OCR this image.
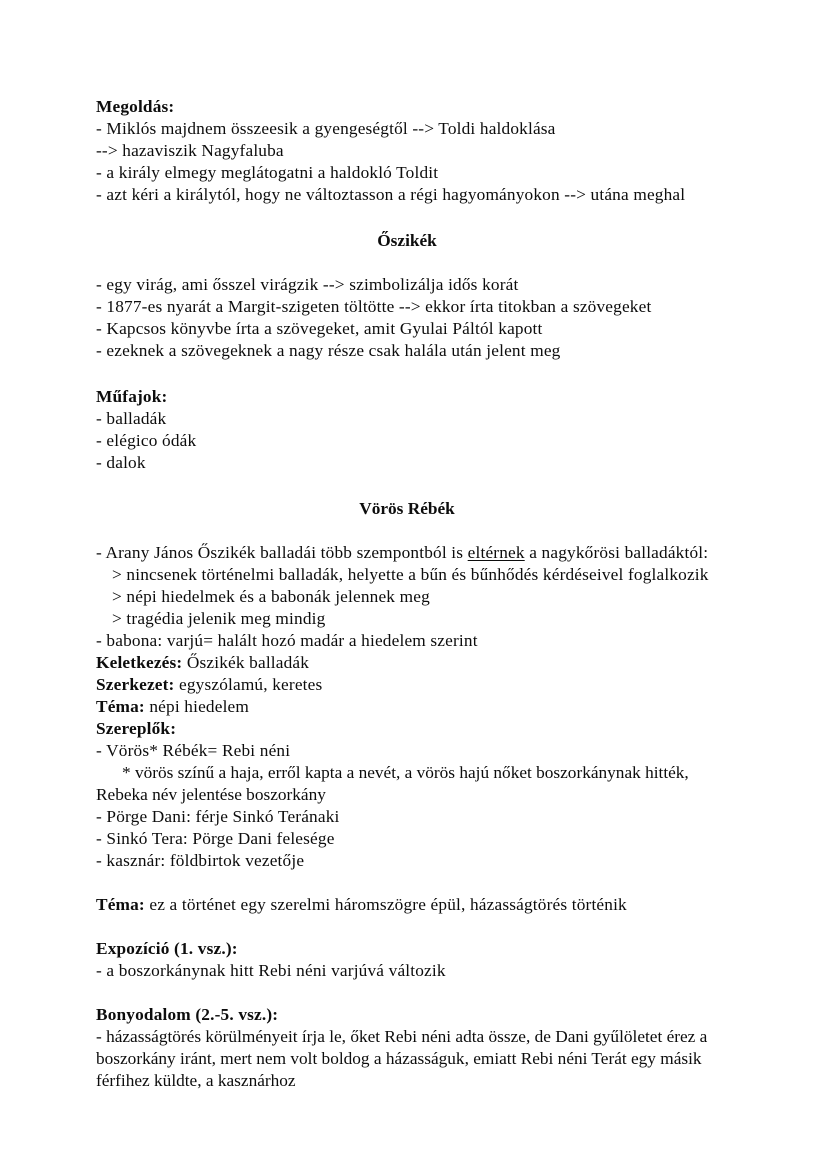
Megoldás:

- Miklós majdnem összeesik a gyengeségtől --> Toldi haldoklása

--> hazaviszik Nagyfaluba

- a király elmegy meglátogatni a haldokló Toldit

- azt kéri a királytól, hogy ne változtasson a régi hagyományokon --> utána meghal

Őszikék

- egy virág, ami ősszel virágzik --> szimbolizálja idős korát

- 1877-es nyarát a Margit-szigeten töltötte --> ekkor írta titokban a szövegeket

- Kapcsos könyvbe írta a szövegeket, amit Gyulai Páltól kapott

- ezeknek a szövegeknek a nagy része csak halála után jelent meg

Műfajok:

- balladák

- elégico ódák

- dalok

Vörös Rébék

- Arany János Őszikék balladái több szempontból is eltérnek a nagykőrösi balladáktól:

> nincsenek történelmi balladák, helyette a bűn és bűnhődés kérdéseivel foglalkozik

> népi hiedelmek és a babonák jelennek meg

> tragédia jelenik meg mindig

- babona: varjú= halált hozó madár a hiedelem szerint

Keletkezés: Őszikék balladák

Szerkezet: egyszólamú, keretes

Téma: népi hiedelem

Szereplők:

- Vörös* Rébék= Rebi néni

* vörös színű a haja, erről kapta a nevét, a vörös hajú nőket boszorkánynak hitték, Rebeka név jelentése boszorkány

- Pörge Dani: férje Sinkó Teránaki

- Sinkó Tera: Pörge Dani felesége

- kasznár: földbirtok vezetője

Téma: ez a történet egy szerelmi háromszögre épül, házasságtörés történik

Expozíció (1. vsz.):

- a boszorkánynak hitt Rebi néni varjúvá változik

Bonyodalom (2.-5. vsz.):

- házasságtörés körülményeit írja le, őket Rebi néni adta össze, de Dani gyűlöletet érez a boszorkány iránt, mert nem volt boldog a házasságuk, emiatt Rebi néni Terát egy másik férfihez küldte, a kasznárhoz
